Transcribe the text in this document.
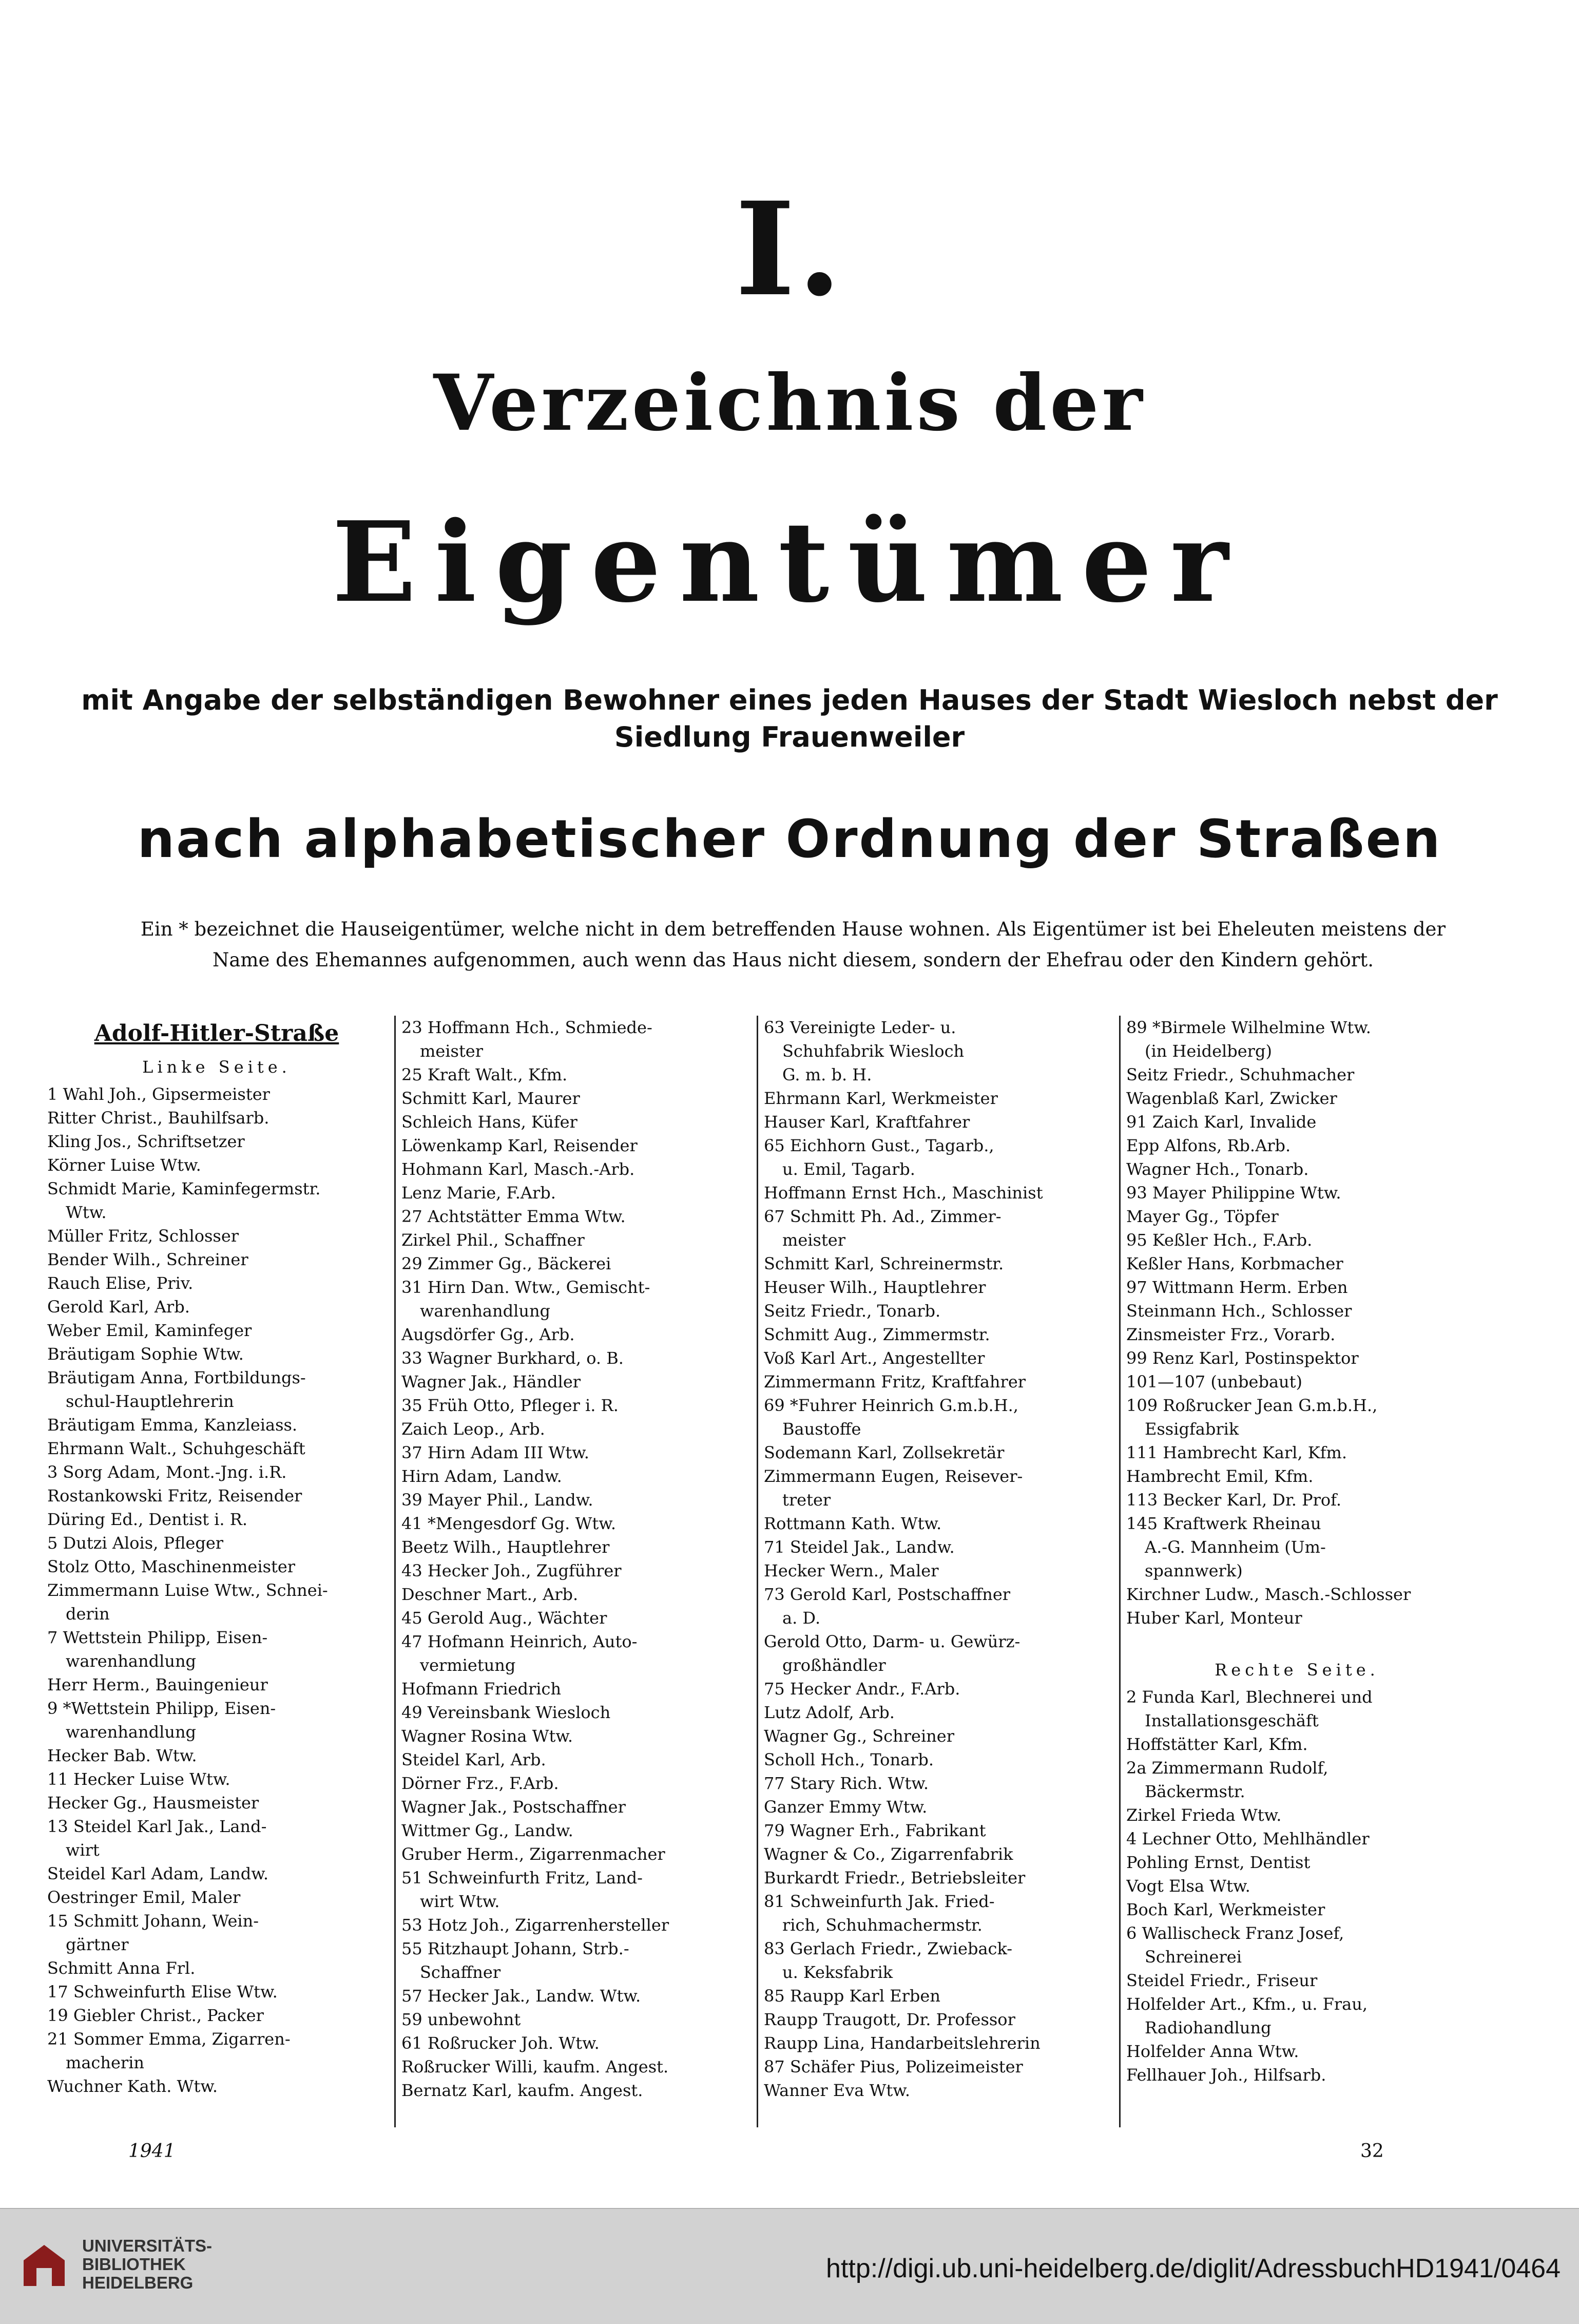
I.
Verzeichnis der
Eigentümer
mit Angabe der selbständigen Bewohner eines jeden Hauses der Stadt Wiesloch nebst der
Siedlung Frauenweiler
nach alphabetischer Ordnung der Straßen
Ein * bezeichnet die Hauseigentümer, welche nicht in dem betreffenden Hause wohnen. Als Eigentümer ist bei Eheleuten meistens der
Name des Ehemannes aufgenommen, auch wenn das Haus nicht diesem, sondern der Ehefrau oder den Kindern gehört.
Adolf-Hitler-Straße
Linke Seite.
1 Wahl Joh., Gipsermeister
Ritter Christ., Bauhilfsarb.
Kling Jos., Schriftsetzer
Körner Luise Wtw.
Schmidt Marie, Kaminfegermstr.
Wtw.
Müller Fritz, Schlosser
Bender Wilh., Schreiner
Rauch Elise, Priv.
Gerold Karl, Arb.
Weber Emil, Kaminfeger
Bräutigam Sophie Wtw.
Bräutigam Anna, Fortbildungs-
schul-Hauptlehrerin
Bräutigam Emma, Kanzleiass.
Ehrmann Walt., Schuhgeschäft
3 Sorg Adam, Mont.-Jng. i.R.
Rostankowski Fritz, Reisender
Düring Ed., Dentist i. R.
5 Dutzi Alois, Pfleger
Stolz Otto, Maschinenmeister
Zimmermann Luise Wtw., Schnei-
derin
7 Wettstein Philipp, Eisen-
warenhandlung
Herr Herm., Bauingenieur
9 *Wettstein Philipp, Eisen-
warenhandlung
Hecker Bab. Wtw.
11 Hecker Luise Wtw.
Hecker Gg., Hausmeister
13 Steidel Karl Jak., Land-
wirt
Steidel Karl Adam, Landw.
Oestringer Emil, Maler
15 Schmitt Johann, Wein-
gärtner
Schmitt Anna Frl.
17 Schweinfurth Elise Wtw.
19 Giebler Christ., Packer
21 Sommer Emma, Zigarren-
macherin
Wuchner Kath. Wtw.
23 Hoffmann Hch., Schmiede-
meister
25 Kraft Walt., Kfm.
Schmitt Karl, Maurer
Schleich Hans, Küfer
Löwenkamp Karl, Reisender
Hohmann Karl, Masch.-Arb.
Lenz Marie, F.Arb.
27 Achtstätter Emma Wtw.
Zirkel Phil., Schaffner
29 Zimmer Gg., Bäckerei
31 Hirn Dan. Wtw., Gemischt-
warenhandlung
Augsdörfer Gg., Arb.
33 Wagner Burkhard, o. B.
Wagner Jak., Händler
35 Früh Otto, Pfleger i. R.
Zaich Leop., Arb.
37 Hirn Adam III Wtw.
Hirn Adam, Landw.
39 Mayer Phil., Landw.
41 *Mengesdorf Gg. Wtw.
Beetz Wilh., Hauptlehrer
43 Hecker Joh., Zugführer
Deschner Mart., Arb.
45 Gerold Aug., Wächter
47 Hofmann Heinrich, Auto-
vermietung
Hofmann Friedrich
49 Vereinsbank Wiesloch
Wagner Rosina Wtw.
Steidel Karl, Arb.
Dörner Frz., F.Arb.
Wagner Jak., Postschaffner
Wittmer Gg., Landw.
Gruber Herm., Zigarrenmacher
51 Schweinfurth Fritz, Land-
wirt Wtw.
53 Hotz Joh., Zigarrenhersteller
55 Ritzhaupt Johann, Strb.-
Schaffner
57 Hecker Jak., Landw. Wtw.
59 unbewohnt
61 Roßrucker Joh. Wtw.
Roßrucker Willi, kaufm. Angest.
Bernatz Karl, kaufm. Angest.
63 Vereinigte Leder- u.
Schuhfabrik Wiesloch
G. m. b. H.
Ehrmann Karl, Werkmeister
Hauser Karl, Kraftfahrer
65 Eichhorn Gust., Tagarb.,
u. Emil, Tagarb.
Hoffmann Ernst Hch., Maschinist
67 Schmitt Ph. Ad., Zimmer-
meister
Schmitt Karl, Schreinermstr.
Heuser Wilh., Hauptlehrer
Seitz Friedr., Tonarb.
Schmitt Aug., Zimmermstr.
Voß Karl Art., Angestellter
Zimmermann Fritz, Kraftfahrer
69 *Fuhrer Heinrich G.m.b.H.,
Baustoffe
Sodemann Karl, Zollsekretär
Zimmermann Eugen, Reisever-
treter
Rottmann Kath. Wtw.
71 Steidel Jak., Landw.
Hecker Wern., Maler
73 Gerold Karl, Postschaffner
a. D.
Gerold Otto, Darm- u. Gewürz-
großhändler
75 Hecker Andr., F.Arb.
Lutz Adolf, Arb.
Wagner Gg., Schreiner
Scholl Hch., Tonarb.
77 Stary Rich. Wtw.
Ganzer Emmy Wtw.
79 Wagner Erh., Fabrikant
Wagner & Co., Zigarrenfabrik
Burkardt Friedr., Betriebsleiter
81 Schweinfurth Jak. Fried-
rich, Schuhmachermstr.
83 Gerlach Friedr., Zwieback-
u. Keksfabrik
85 Raupp Karl Erben
Raupp Traugott, Dr. Professor
Raupp Lina, Handarbeitslehrerin
87 Schäfer Pius, Polizeimeister
Wanner Eva Wtw.
89 *Birmele Wilhelmine Wtw.
(in Heidelberg)
Seitz Friedr., Schuhmacher
Wagenblaß Karl, Zwicker
91 Zaich Karl, Invalide
Epp Alfons, Rb.Arb.
Wagner Hch., Tonarb.
93 Mayer Philippine Wtw.
Mayer Gg., Töpfer
95 Keßler Hch., F.Arb.
Keßler Hans, Korbmacher
97 Wittmann Herm. Erben
Steinmann Hch., Schlosser
Zinsmeister Frz., Vorarb.
99 Renz Karl, Postinspektor
101—107 (unbebaut)
109 Roßrucker Jean G.m.b.H.,
Essigfabrik
111 Hambrecht Karl, Kfm.
Hambrecht Emil, Kfm.
113 Becker Karl, Dr. Prof.
145 Kraftwerk Rheinau
A.-G. Mannheim (Um-
spannwerk)
Kirchner Ludw., Masch.-Schlosser
Huber Karl, Monteur
Rechte Seite.
2 Funda Karl, Blechnerei und
Installationsgeschäft
Hoffstätter Karl, Kfm.
2a Zimmermann Rudolf,
Bäckermstr.
Zirkel Frieda Wtw.
4 Lechner Otto, Mehlhändler
Pohling Ernst, Dentist
Vogt Elsa Wtw.
Boch Karl, Werkmeister
6 Wallischeck Franz Josef,
Schreinerei
Steidel Friedr., Friseur
Holfelder Art., Kfm., u. Frau,
Radiohandlung
Holfelder Anna Wtw.
Fellhauer Joh., Hilfsarb.
1941	32
UNIVERSITÄTS-
BIBLIOTHEK
HEIDELBERG	http://digi.ub.uni-heidelberg.de/diglit/AdressbuchHD1941/0464
